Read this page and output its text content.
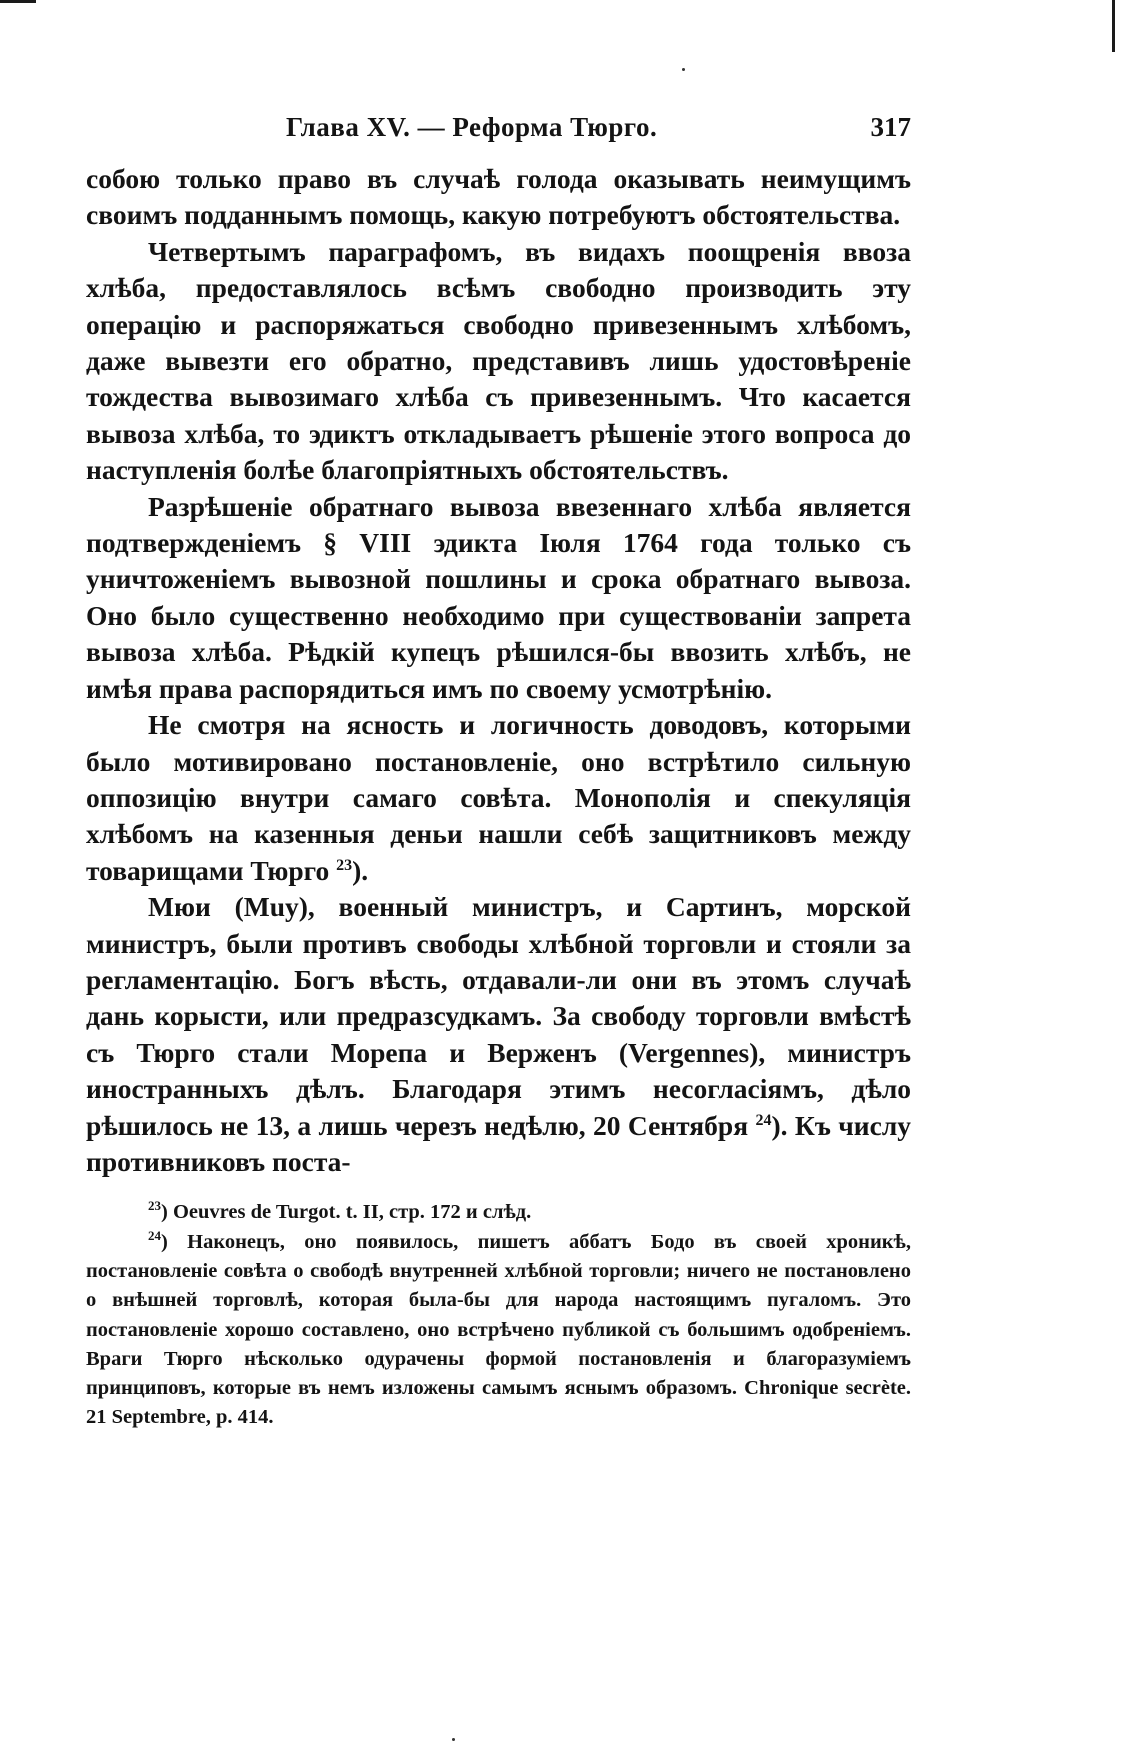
Глава XV. — Реформа Тюрго.	317

собою только право въ случаѣ голода оказывать неимущимъ своимъ подданнымъ помощь, какую потребуютъ обстоятельства.

Четвертымъ параграфомъ, въ видахъ поощренія ввоза хлѣба, предоставлялось всѣмъ свободно производить эту операцію и распоряжаться свободно привезеннымъ хлѣбомъ, даже вывезти его обратно, представивъ лишь удостовѣреніе тождества вывозимаго хлѣба съ привезеннымъ. Что касается вывоза хлѣба, то эдиктъ откладываетъ рѣшеніе этого вопроса до наступленія болѣе благопріятныхъ обстоятельствъ.

Разрѣшеніе обратнаго вывоза ввезеннаго хлѣба является подтвержденіемъ § VIII эдикта Іюля 1764 года только съ уничтоженіемъ вывозной пошлины и срока обратнаго вывоза. Оно было существенно необходимо при существованіи запрета вывоза хлѣба. Рѣдкій купецъ рѣшился-бы ввозить хлѣбъ, не имѣя права распорядиться имъ по своему усмотрѣнію.

Не смотря на ясность и логичность доводовъ, которыми было мотивировано постановленіе, оно встрѣтило сильную оппозицію внутри самаго совѣта. Монополія и спекуляція хлѣбомъ на казенныя деньи нашли себѣ защитниковъ между товарищами Тюрго $^{23}$).

Мюи (Muy), военный министръ, и Сартинъ, морской министръ, были противъ свободы хлѣбной торговли и стояли за регламентацію. Богъ вѣсть, отдавали-ли они въ этомъ случаѣ дань корысти, или предразсудкамъ. За свободу торговли вмѣстѣ съ Тюрго стали Морепа и Верженъ (Vergennes), министръ иностранныхъ дѣлъ. Благодаря этимъ несогласіямъ, дѣло рѣшилось не 13, а лишь черезъ недѣлю, 20 Сентября $^{24}$). Къ числу противниковъ поста-

$^{23}$) Oeuvres de Turgot. t. II, стр. 172 и слѣд.

$^{24}$) Наконецъ, оно появилось, пишетъ аббатъ Бодо въ своей хроникѣ, постановленіе совѣта о свободѣ внутренней хлѣбной торговли; ничего не постановлено о внѣшней торговлѣ, которая была-бы для народа настоящимъ пугаломъ. Это постановленіе хорошо составлено, оно встрѣчено публикой съ большимъ одобреніемъ. Враги Тюрго нѣсколько одурачены формой постановленія и благоразуміемъ принциповъ, которые въ немъ изложены самымъ яснымъ образомъ. Chronique secrète. 21 Septembre, p. 414.
